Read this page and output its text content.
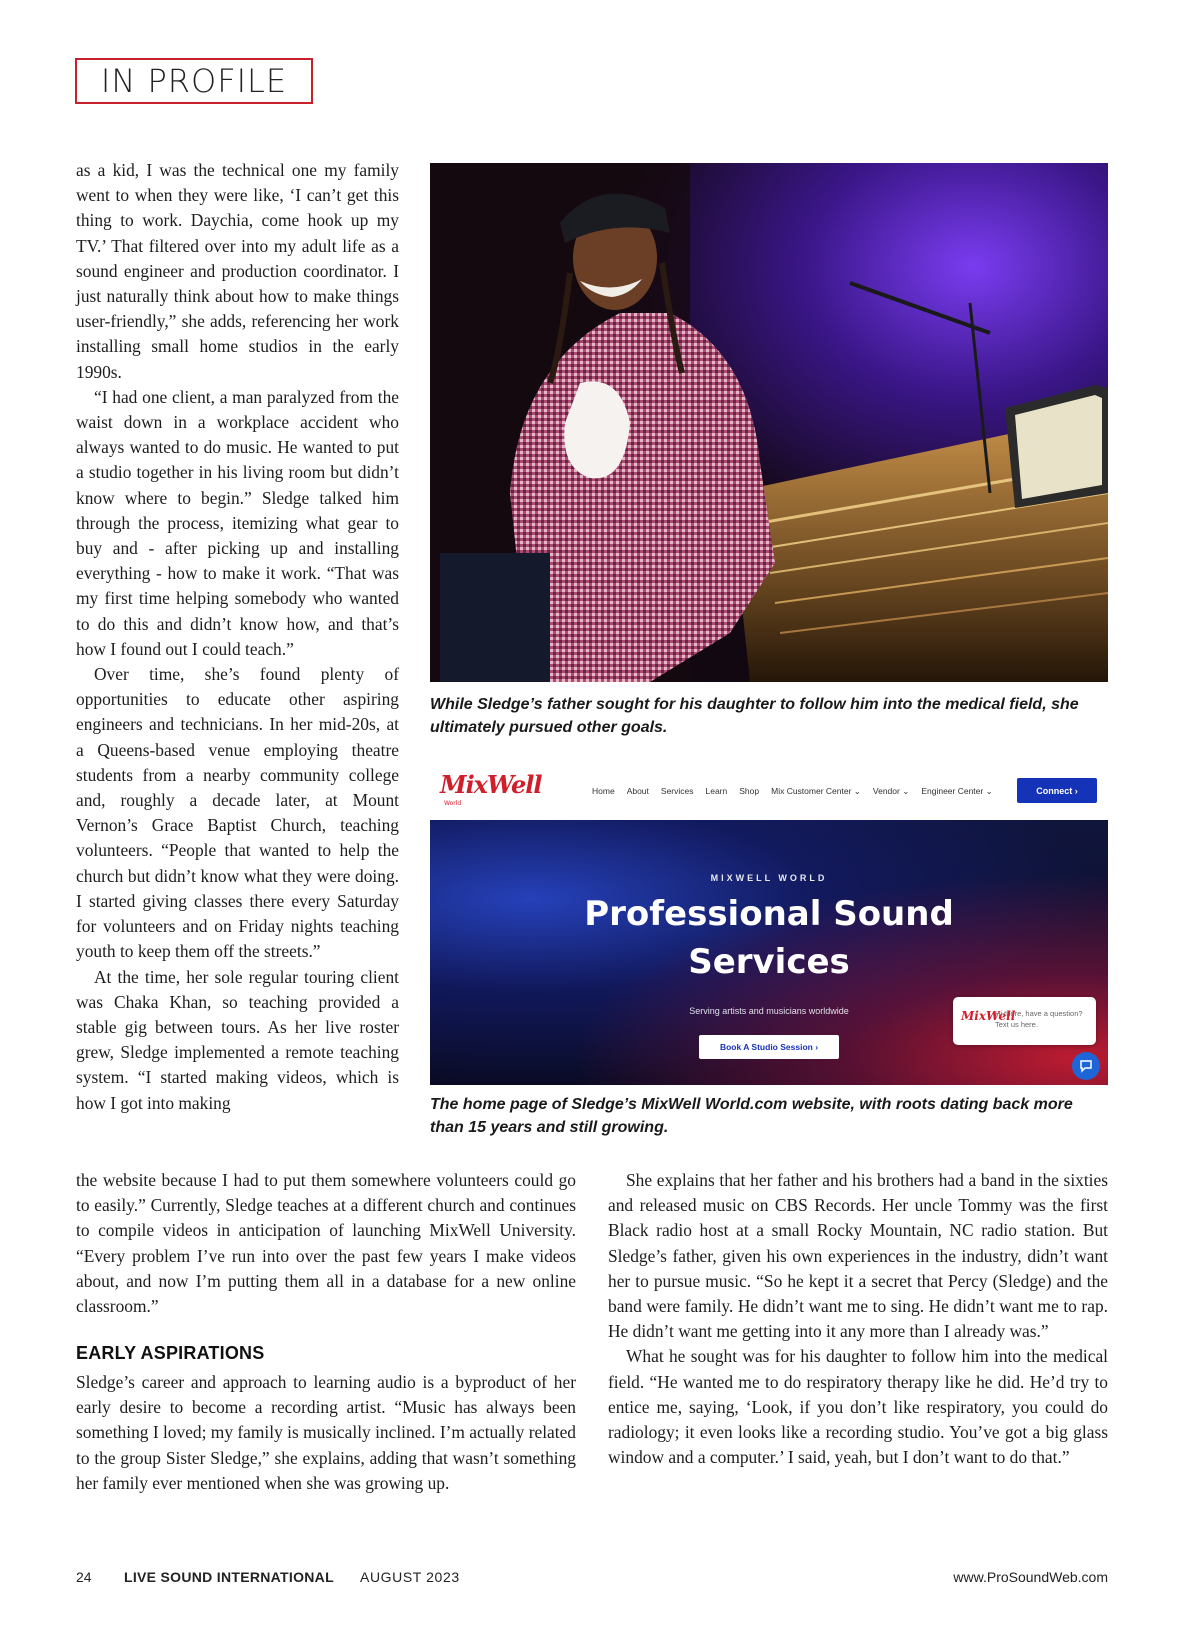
IN PROFILE

as a kid, I was the technical one my family went to when they were like, ‘I can’t get this thing to work. Daychia, come hook up my TV.’ That filtered over into my adult life as a sound engineer and production coordinator. I just naturally think about how to make things user-friendly,” she adds, referencing her work installing small home studios in the early 1990s.

“I had one client, a man paralyzed from the waist down in a workplace accident who always wanted to do music. He wanted to put a studio together in his living room but didn’t know where to begin.” Sledge talked him through the process, itemizing what gear to buy and - after picking up and installing everything - how to make it work. “That was my first time helping somebody who wanted to do this and didn’t know how, and that’s how I found out I could teach.”

Over time, she’s found plenty of opportunities to educate other aspiring engineers and technicians. In her mid-20s, at a Queens-based venue employing theatre students from a nearby community college and, roughly a decade later, at Mount Vernon’s Grace Baptist Church, teaching volunteers. “People that wanted to help the church but didn’t know what they were doing. I started giving classes there every Saturday for volunteers and on Friday nights teaching youth to keep them off the streets.”

At the time, her sole regular touring client was Chaka Khan, so teaching provided a stable gig between tours. As her live roster grew, Sledge implemented a remote teaching system. “I started making videos, which is how I got into making

While Sledge’s father sought for his daughter to follow him into the medical field, she ultimately pursued other goals.
MixWell
World
Home About Services Learn Shop Mix Customer Center ⌄ Vendor ⌄ Engineer Center ⌄	Connect ›
MIXWELL WORLD
Professional Sound
Services
Serving artists and musicians worldwide
Book A Studio Session ›
MixWell
Hi there, have a question? Text us here.
The home page of Sledge’s MixWell World.com website, with roots dating back more than 15 years and still growing.

the website because I had to put them somewhere volunteers could go to easily.” Currently, Sledge teaches at a different church and continues to compile videos in anticipation of launching MixWell University. “Every problem I’ve run into over the past few years I make videos about, and now I’m putting them all in a database for a new online classroom.”

EARLY ASPIRATIONS

Sledge’s career and approach to learning audio is a byproduct of her early desire to become a recording artist. “Music has always been something I loved; my family is musically inclined. I’m actually related to the group Sister Sledge,” she explains, adding that wasn’t something her family ever mentioned when she was growing up.

She explains that her father and his brothers had a band in the sixties and released music on CBS Records. Her uncle Tommy was the first Black radio host at a small Rocky Mountain, NC radio station. But Sledge’s father, given his own experiences in the industry, didn’t want her to pursue music. “So he kept it a secret that Percy (Sledge) and the band were family. He didn’t want me to sing. He didn’t want me to rap. He didn’t want me getting into it any more than I already was.”

What he sought was for his daughter to follow him into the medical field. “He wanted me to do respiratory therapy like he did. He’d try to entice me, saying, ‘Look, if you don’t like respiratory, you could do radiology; it even looks like a recording studio. You’ve got a big glass window and a computer.’ I said, yeah, but I don’t want to do that.”

24 LIVE SOUND INTERNATIONAL AUGUST 2023	www.ProSoundWeb.com
